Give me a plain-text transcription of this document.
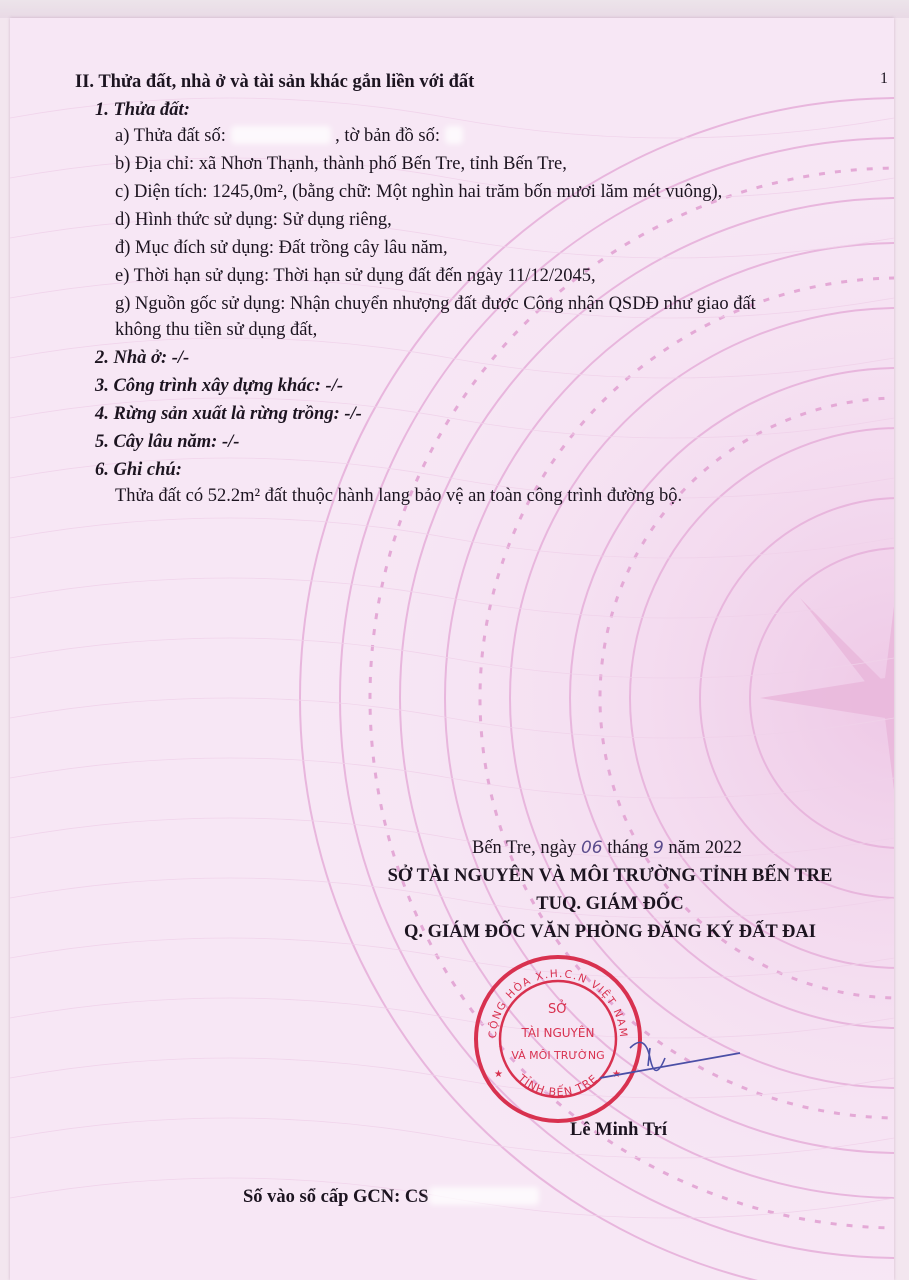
II. Thửa đất, nhà ở và tài sản khác gắn liền với đất	1
1. Thửa đất:
a) Thửa đất số:	, tờ bản đồ số:
b) Địa chỉ: xã Nhơn Thạnh, thành phố Bến Tre, tỉnh Bến Tre,
c) Diện tích: 1245,0m², (bằng chữ: Một nghìn hai trăm bốn mươi lăm mét vuông),
d) Hình thức sử dụng: Sử dụng riêng,
đ) Mục đích sử dụng: Đất trồng cây lâu năm,
e) Thời hạn sử dụng: Thời hạn sử dụng đất đến ngày 11/12/2045,
g) Nguồn gốc sử dụng: Nhận chuyển nhượng đất được Công nhận QSDĐ như giao đất
không thu tiền sử dụng đất,
2. Nhà ở: -/-
3. Công trình xây dựng khác: -/-
4. Rừng sản xuất là rừng trồng: -/-
5. Cây lâu năm: -/-
6. Ghi chú:
Thửa đất có 52.2m² đất thuộc hành lang bảo vệ an toàn công trình đường bộ.
Bến Tre, ngày 06 tháng 9 năm 2022
SỞ TÀI NGUYÊN VÀ MÔI TRƯỜNG TỈNH BẾN TRE
TUQ. GIÁM ĐỐC
Q. GIÁM ĐỐC VĂN PHÒNG ĐĂNG KÝ ĐẤT ĐAI
CỘNG HÒA X.H.C.N VIỆT NAM
TỈNH BẾN TRE
SỞ
TÀI NGUYÊN
VÀ MÔI TRƯỜNG
★	★
Lê Minh Trí
Số vào sổ cấp GCN: CS
